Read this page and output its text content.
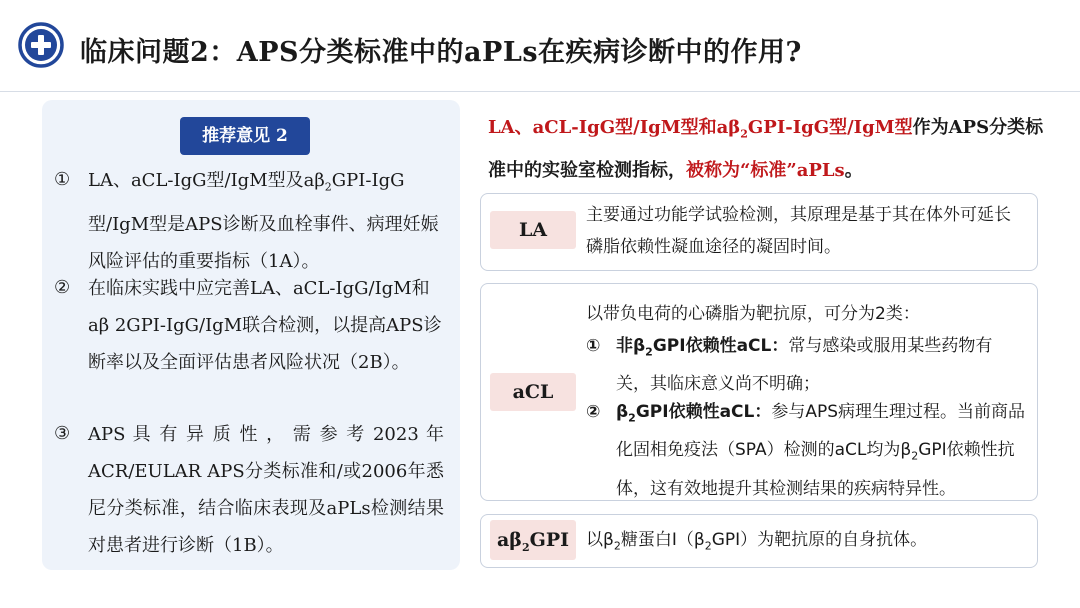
临床问题2：APS分类标准中的aPLs在疾病诊断中的作用?
推荐意见 2
① LA、aCL-IgG型/IgM型及$a\beta_2GPI$-IgG型/IgM型是APS诊断及血栓事件、病理妊娠风险评估的重要指标（1A）。
② 在临床实践中应完善LA、aCL-IgG/IgM和aβ 2GPI-IgG/IgM联合检测，以提高APS诊断率以及全面评估患者风险状况（2B）。
③ APS 具 有 异 质 性 ， 需 参 考 2023 年ACR/EULAR APS分类标准和/或2006年悉尼分类标准，结合临床表现及aPLs检测结果对患者进行诊断（1B）。
LA、aCL-IgG型/IgM型和$a\beta_2GPI$-IgG型/IgM型作为APS分类标准中的实验室检测指标，被称为“标准”aPLs。
LA
主要通过功能学试验检测，其原理是基于其在体外可延长磷脂依赖性凝血途径的凝固时间。
aCL
以带负电荷的心磷脂为靶抗原，可分为2类：
① 非$\beta_2GPI$依赖性aCL：常与感染或服用某些药物有关，其临床意义尚不明确；
② $\beta_2GPI$依赖性aCL：参与APS病理生理过程。当前商品化固相免疫法（SPA）检测的aCL均为$\beta_2GPI$依赖性抗体，这有效地提升其检测结果的疾病特异性。
$a\beta_2GPI$	以$\beta_2$糖蛋白$I(\beta_2GPI)$为靶抗原的自身抗体。
